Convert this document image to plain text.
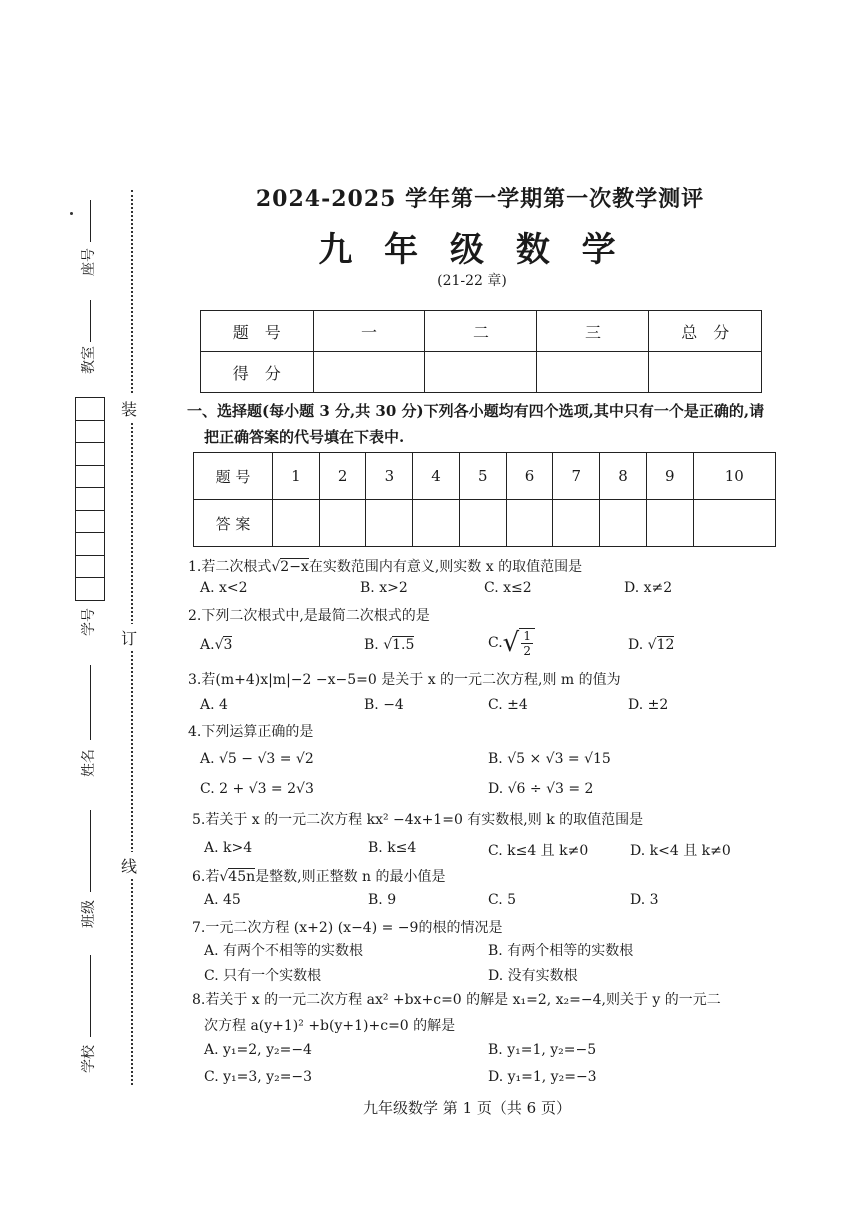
装
订
线
座号
教室
学号
姓名
班级
学校
2024-2025 学年第一学期第一次教学测评
九 年 级 数 学
(21-22 章)
题　号	一	二	三	总　分
得　分				
一、选择题(每小题 3 分,共 30 分)下列各小题均有四个选项,其中只有一个是正确的,请
把正确答案的代号填在下表中.
题 号	1	2	3	4	5	6	7	8	9	10
答 案										
1.若二次根式√2−x在实数范围内有意义,则实数 x 的取值范围是
A. x<2	B. x>2	C. x≤2	D. x≠2
2.下列二次根式中,是最简二次根式的是
A.√3	B. √1.5	C. √ $\frac{1}{2}$	D. √12
3.若(m+4)x|m|−2 −x−5=0 是关于 x 的一元二次方程,则 m 的值为
A. 4	B. −4	C. ±4	D. ±2
4.下列运算正确的是
A. √5 − √3 = √2	B. √5 × √3 = √15
C. 2 + √3 = 2√3	D. √6 ÷ √3 = 2
5.若关于 x 的一元二次方程 kx² −4x+1=0 有实数根,则 k 的取值范围是
A. k>4	B. k≤4	C. k≤4 且 k≠0	D. k<4 且 k≠0
6.若√45n是整数,则正整数 n 的最小值是
A. 45	B. 9	C. 5	D. 3
7.一元二次方程 (x+2) (x−4) = −9的根的情况是
A. 有两个不相等的实数根	B. 有两个相等的实数根
C. 只有一个实数根	D. 没有实数根
8.若关于 x 的一元二次方程 ax² +bx+c=0 的解是 x₁=2, x₂=−4,则关于 y 的一元二
次方程 a(y+1)² +b(y+1)+c=0 的解是
A. y₁=2, y₂=−4	B. y₁=1, y₂=−5
C. y₁=3, y₂=−3	D. y₁=1, y₂=−3
九年级数学 第 1 页（共 6 页）
